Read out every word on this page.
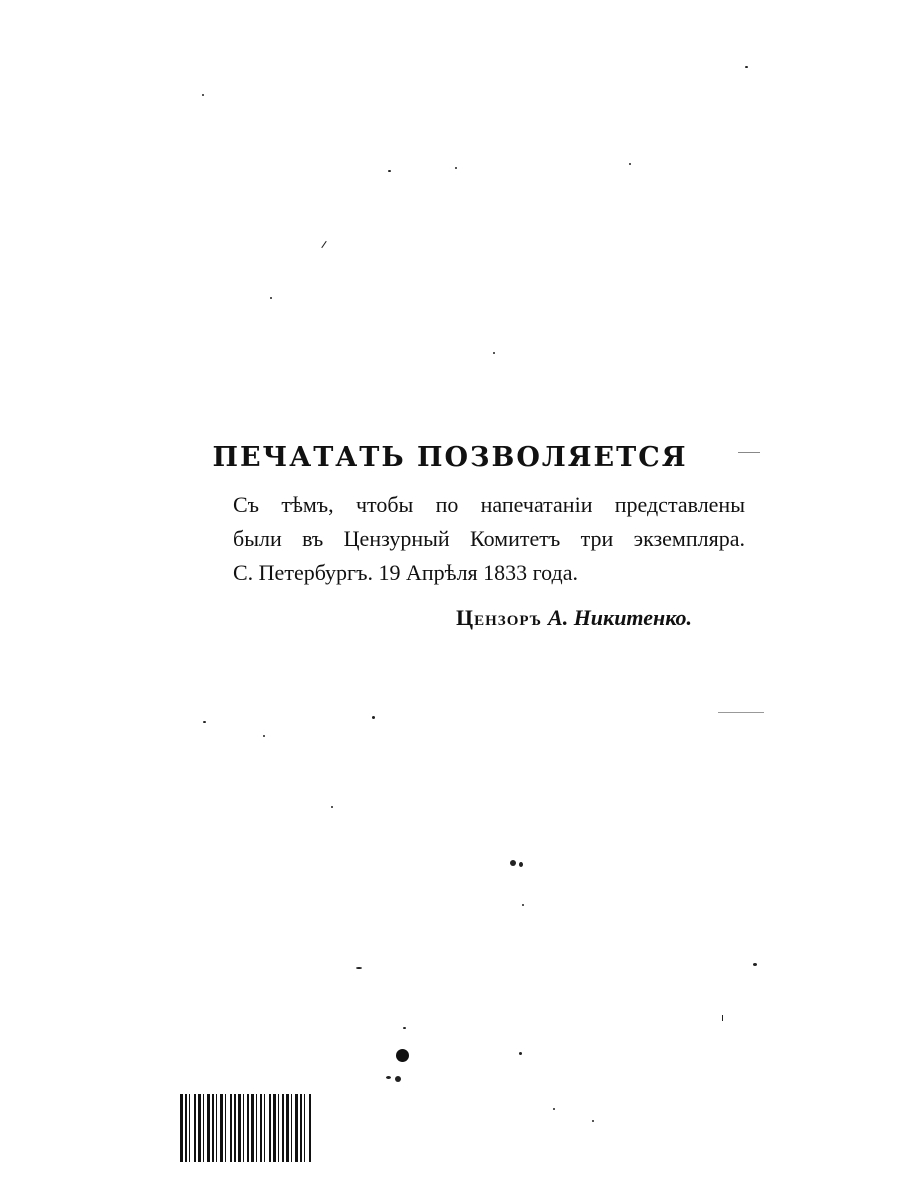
ПЕЧАТАТЬ ПОЗВОЛЯЕТСЯ
Съ тѣмъ, чтобы по напечатаніи представлены
были въ Цензурный Комитетъ три экземпляра.
С. Петербургъ. 19 Апрѣля 1833 года.
Цензоръ А. Никитенко.
